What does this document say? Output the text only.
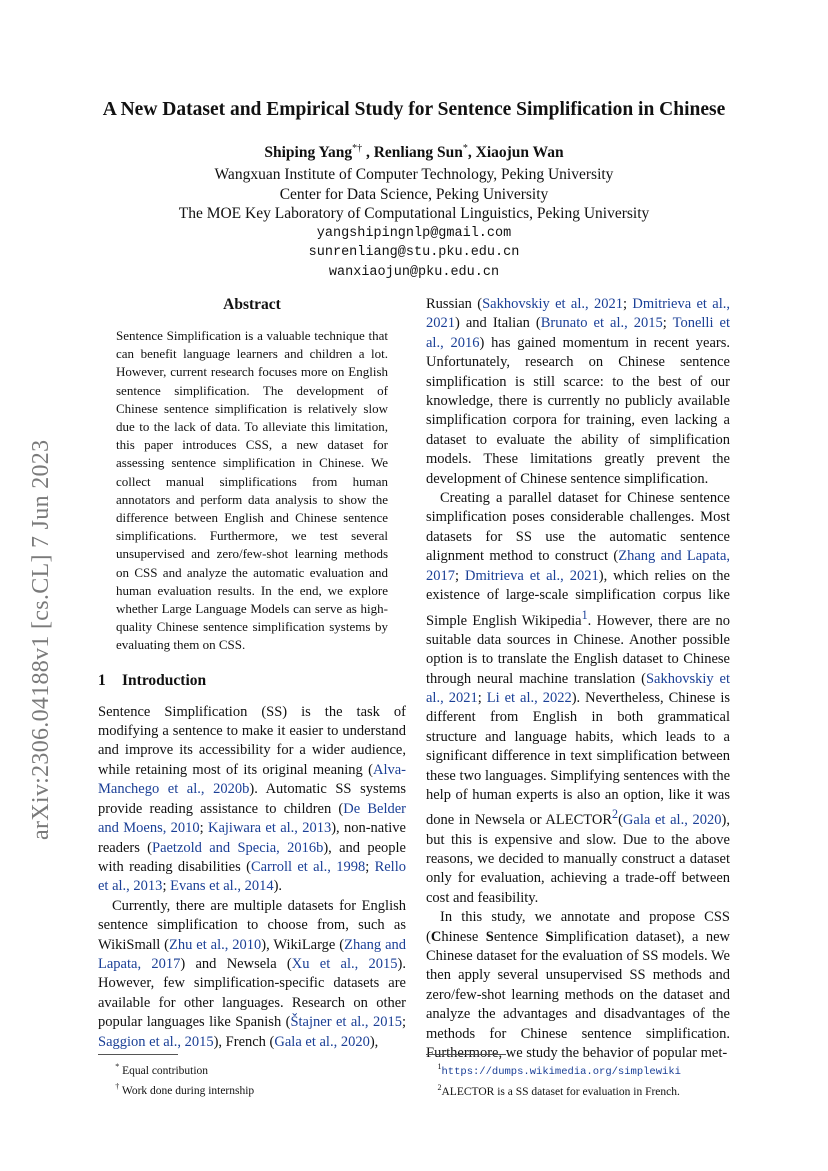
arXiv:2306.04188v1 [cs.CL] 7 Jun 2023
A New Dataset and Empirical Study for Sentence Simplification in Chinese
Shiping Yang*† , Renliang Sun*, Xiaojun Wan
Wangxuan Institute of Computer Technology, Peking University
Center for Data Science, Peking University
The MOE Key Laboratory of Computational Linguistics, Peking University
yangshipingnlp@gmail.com
sunrenliang@stu.pku.edu.cn
wanxiaojun@pku.edu.cn
Abstract
Sentence Simplification is a valuable technique that can benefit language learners and children a lot. However, current research focuses more on English sentence simplification. The development of Chinese sentence simplification is relatively slow due to the lack of data. To alleviate this limitation, this paper introduces CSS, a new dataset for assessing sentence simplification in Chinese. We collect manual simplifications from human annotators and perform data analysis to show the difference between English and Chinese sentence simplifications. Furthermore, we test several unsupervised and zero/few-shot learning methods on CSS and analyze the automatic evaluation and human evaluation results. In the end, we explore whether Large Language Models can serve as high-quality Chinese sentence simplification systems by evaluating them on CSS.
1 Introduction

Sentence Simplification (SS) is the task of modifying a sentence to make it easier to understand and improve its accessibility for a wider audience, while retaining most of its original meaning (Alva-Manchego et al., 2020b). Automatic SS systems provide reading assistance to children (De Belder and Moens, 2010; Kajiwara et al., 2013), non-native readers (Paetzold and Specia, 2016b), and people with reading disabilities (Carroll et al., 1998; Rello et al., 2013; Evans et al., 2014).

Currently, there are multiple datasets for English sentence simplification to choose from, such as WikiSmall (Zhu et al., 2010), WikiLarge (Zhang and Lapata, 2017) and Newsela (Xu et al., 2015). However, few simplification-specific datasets are available for other languages. Research on other popular languages like Spanish (Štajner et al., 2015; Saggion et al., 2015), French (Gala et al., 2020),

Russian (Sakhovskiy et al., 2021; Dmitrieva et al., 2021) and Italian (Brunato et al., 2015; Tonelli et al., 2016) has gained momentum in recent years. Unfortunately, research on Chinese sentence simplification is still scarce: to the best of our knowledge, there is currently no publicly available simplification corpora for training, even lacking a dataset to evaluate the ability of simplification models. These limitations greatly prevent the development of Chinese sentence simplification.

Creating a parallel dataset for Chinese sentence simplification poses considerable challenges. Most datasets for SS use the automatic sentence alignment method to construct (Zhang and Lapata, 2017; Dmitrieva et al., 2021), which relies on the existence of large-scale simplification corpus like Simple English Wikipedia$^1$. However, there are no suitable data sources in Chinese. Another possible option is to translate the English dataset to Chinese through neural machine translation (Sakhovskiy et al., 2021; Li et al., 2022). Nevertheless, Chinese is different from English in both grammatical structure and language habits, which leads to a significant difference in text simplification between these two languages. Simplifying sentences with the help of human experts is also an option, like it was done in Newsela or ALECTOR$^2$(Gala et al., 2020), but this is expensive and slow. Due to the above reasons, we decided to manually construct a dataset only for evaluation, achieving a trade-off between cost and feasibility.

In this study, we annotate and propose CSS (Chinese Sentence Simplification dataset), a new Chinese dataset for the evaluation of SS models. We then apply several unsupervised SS methods and zero/few-shot learning methods on the dataset and analyze the advantages and disadvantages of the methods for Chinese sentence simplification. Furthermore, we study the behavior of popular met-

* Equal contribution
† Work done during internship
$^1$https://dumps.wikimedia.org/simplewiki
$^2$ALECTOR is a SS dataset for evaluation in French.
